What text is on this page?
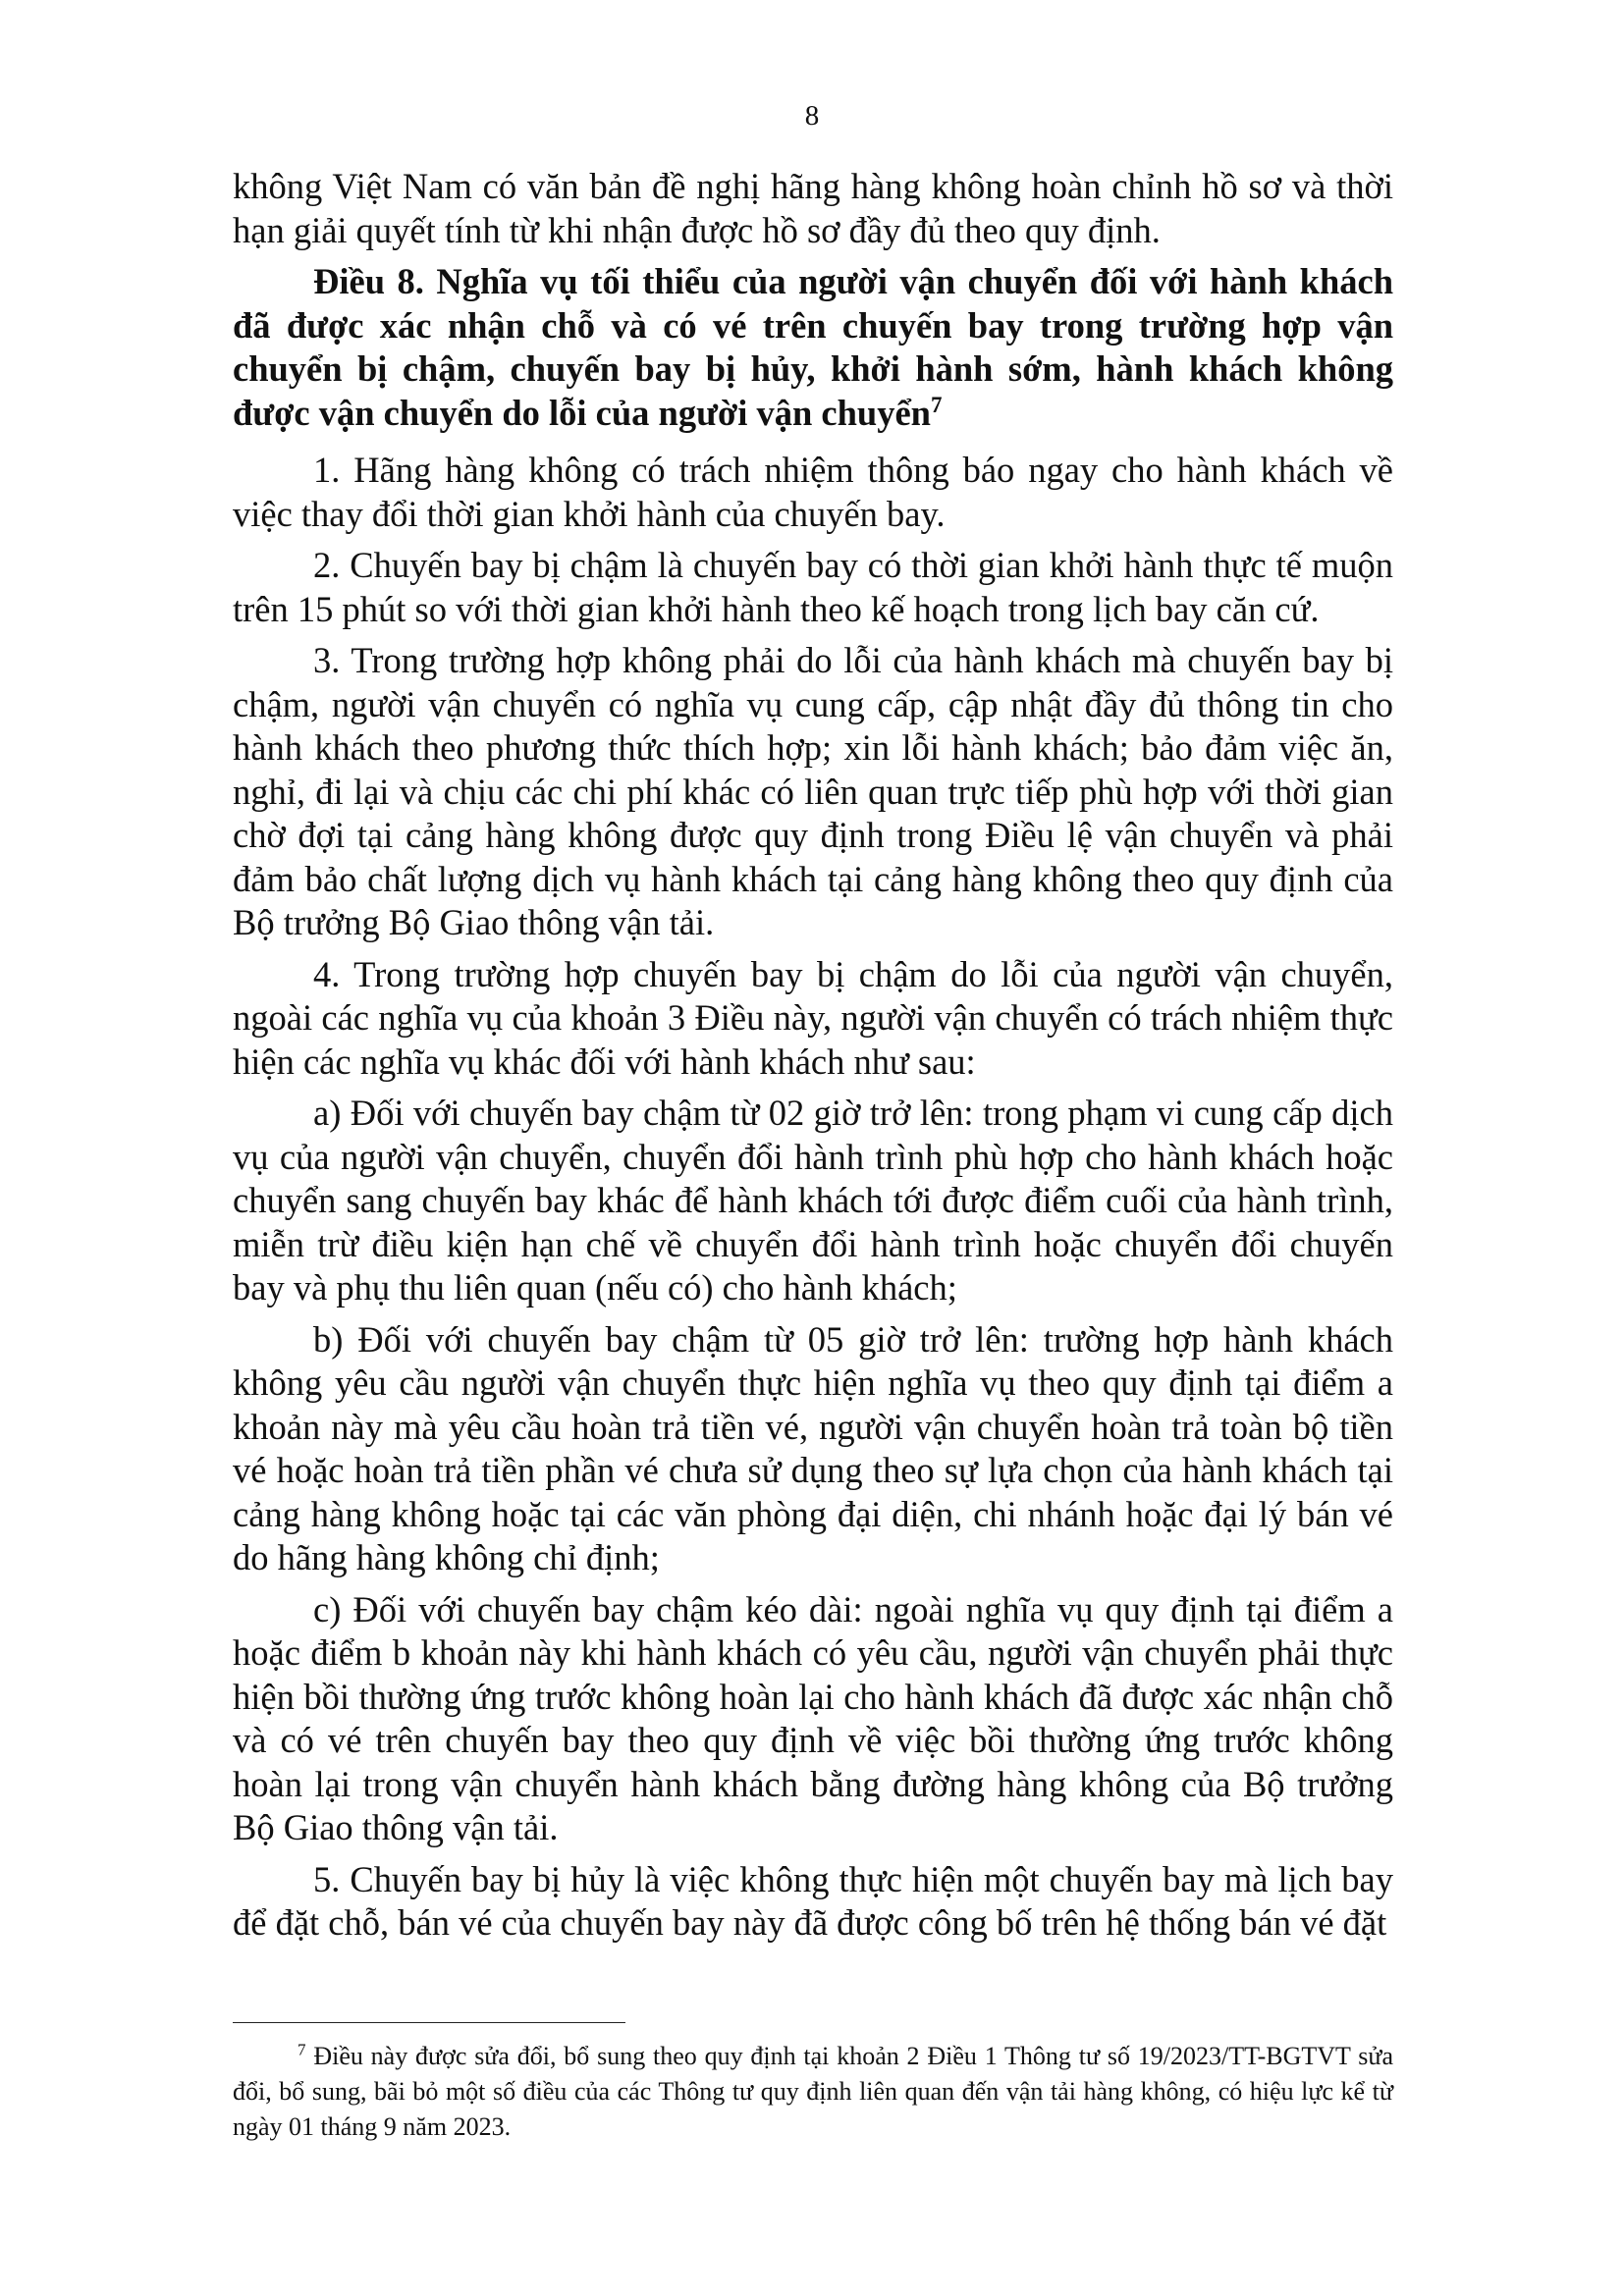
8

không Việt Nam có văn bản đề nghị hãng hàng không hoàn chỉnh hồ sơ và thời hạn giải quyết tính từ khi nhận được hồ sơ đầy đủ theo quy định.

Điều 8. Nghĩa vụ tối thiểu của người vận chuyển đối với hành khách đã được xác nhận chỗ và có vé trên chuyến bay trong trường hợp vận chuyển bị chậm, chuyến bay bị hủy, khởi hành sớm, hành khách không được vận chuyển do lỗi của người vận chuyển$^7$

1. Hãng hàng không có trách nhiệm thông báo ngay cho hành khách về việc thay đổi thời gian khởi hành của chuyến bay.

2. Chuyến bay bị chậm là chuyến bay có thời gian khởi hành thực tế muộn trên 15 phút so với thời gian khởi hành theo kế hoạch trong lịch bay căn cứ.

3. Trong trường hợp không phải do lỗi của hành khách mà chuyến bay bị chậm, người vận chuyển có nghĩa vụ cung cấp, cập nhật đầy đủ thông tin cho hành khách theo phương thức thích hợp; xin lỗi hành khách; bảo đảm việc ăn, nghỉ, đi lại và chịu các chi phí khác có liên quan trực tiếp phù hợp với thời gian chờ đợi tại cảng hàng không được quy định trong Điều lệ vận chuyển và phải đảm bảo chất lượng dịch vụ hành khách tại cảng hàng không theo quy định của Bộ trưởng Bộ Giao thông vận tải.

4. Trong trường hợp chuyến bay bị chậm do lỗi của người vận chuyển, ngoài các nghĩa vụ của khoản 3 Điều này, người vận chuyển có trách nhiệm thực hiện các nghĩa vụ khác đối với hành khách như sau:

a) Đối với chuyến bay chậm từ 02 giờ trở lên: trong phạm vi cung cấp dịch vụ của người vận chuyển, chuyển đổi hành trình phù hợp cho hành khách hoặc chuyển sang chuyến bay khác để hành khách tới được điểm cuối của hành trình, miễn trừ điều kiện hạn chế về chuyển đổi hành trình hoặc chuyển đổi chuyến bay và phụ thu liên quan (nếu có) cho hành khách;

b) Đối với chuyến bay chậm từ 05 giờ trở lên: trường hợp hành khách không yêu cầu người vận chuyển thực hiện nghĩa vụ theo quy định tại điểm a khoản này mà yêu cầu hoàn trả tiền vé, người vận chuyển hoàn trả toàn bộ tiền vé hoặc hoàn trả tiền phần vé chưa sử dụng theo sự lựa chọn của hành khách tại cảng hàng không hoặc tại các văn phòng đại diện, chi nhánh hoặc đại lý bán vé do hãng hàng không chỉ định;

c) Đối với chuyến bay chậm kéo dài: ngoài nghĩa vụ quy định tại điểm a hoặc điểm b khoản này khi hành khách có yêu cầu, người vận chuyển phải thực hiện bồi thường ứng trước không hoàn lại cho hành khách đã được xác nhận chỗ và có vé trên chuyến bay theo quy định về việc bồi thường ứng trước không hoàn lại trong vận chuyển hành khách bằng đường hàng không của Bộ trưởng Bộ Giao thông vận tải.

5. Chuyến bay bị hủy là việc không thực hiện một chuyến bay mà lịch bay để đặt chỗ, bán vé của chuyến bay này đã được công bố trên hệ thống bán vé đặt

$^7$ Điều này được sửa đổi, bổ sung theo quy định tại khoản 2 Điều 1 Thông tư số 19/2023/TT-BGTVT sửa đổi, bổ sung, bãi bỏ một số điều của các Thông tư quy định liên quan đến vận tải hàng không, có hiệu lực kể từ ngày 01 tháng 9 năm 2023.
